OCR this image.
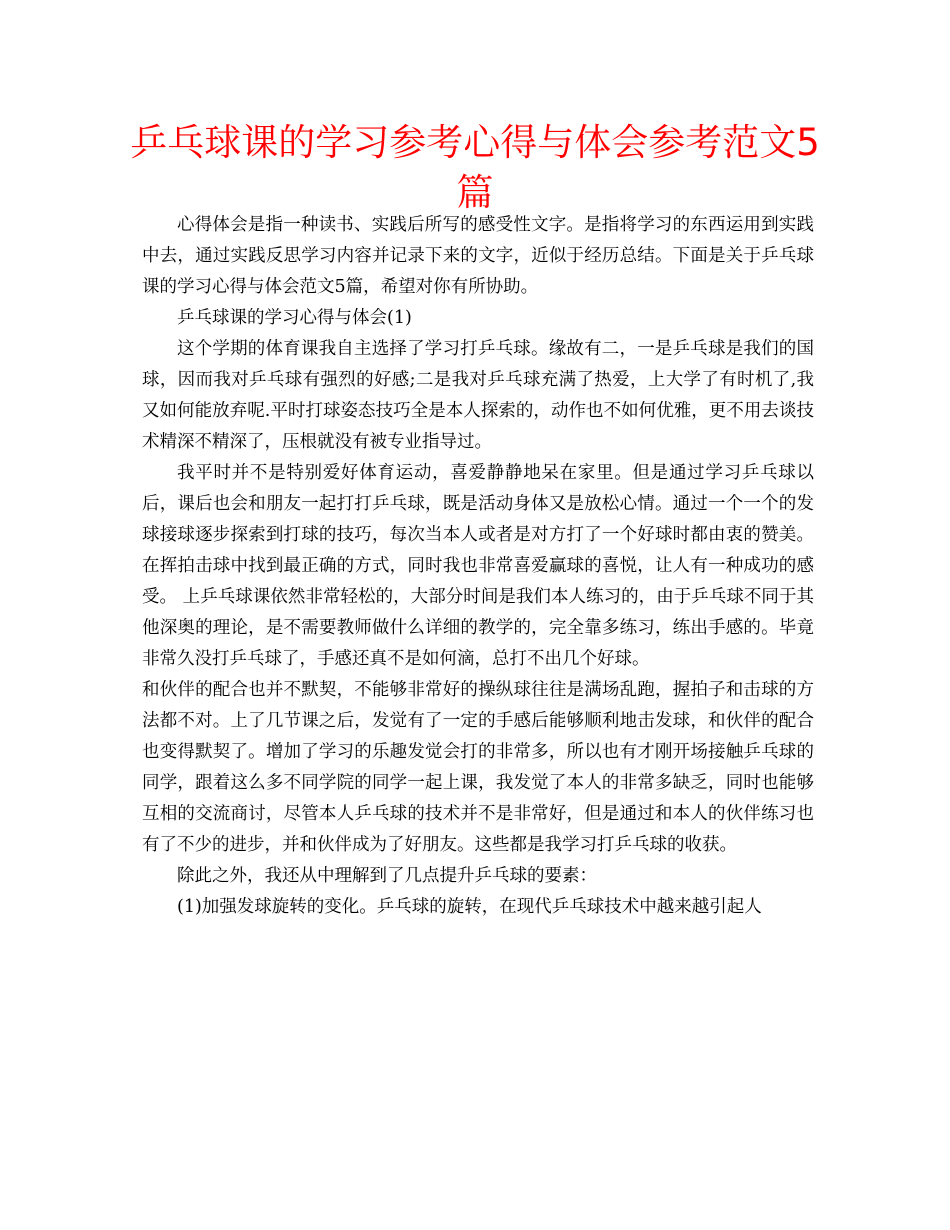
乒乓球课的学习参考心得与体会参考范文5篇

心得体会是指一种读书、实践后所写的感受性文字。是指将学习的东西运用到实践中去，通过实践反思学习内容并记录下来的文字，近似于经历总结。下面是关于乒乓球课的学习心得与体会范文5篇，希望对你有所协助。

乒乓球课的学习心得与体会(1)

这个学期的体育课我自主选择了学习打乒乓球。缘故有二，一是乒乓球是我们的国球，因而我对乒乓球有强烈的好感;二是我对乒乓球充满了热爱，上大学了有时机了,我又如何能放弃呢.平时打球姿态技巧全是本人探索的，动作也不如何优雅，更不用去谈技术精深不精深了，压根就没有被专业指导过。

我平时并不是特别爱好体育运动，喜爱静静地呆在家里。但是通过学习乒乓球以后，课后也会和朋友一起打打乒乓球，既是活动身体又是放松心情。通过一个一个的发球接球逐步探索到打球的技巧，每次当本人或者是对方打了一个好球时都由衷的赞美。在挥拍击球中找到最正确的方式，同时我也非常喜爱赢球的喜悦，让人有一种成功的感受。 上乒乓球课依然非常轻松的，大部分时间是我们本人练习的，由于乒乓球不同于其他深奥的理论，是不需要教师做什么详细的教学的，完全靠多练习，练出手感的。毕竟非常久没打乒乓球了，手感还真不是如何滴，总打不出几个好球。

和伙伴的配合也并不默契，不能够非常好的操纵球往往是满场乱跑，握拍子和击球的方法都不对。上了几节课之后，发觉有了一定的手感后能够顺利地击发球，和伙伴的配合也变得默契了。增加了学习的乐趣发觉会打的非常多，所以也有才刚开场接触乒乓球的同学，跟着这么多不同学院的同学一起上课，我发觉了本人的非常多缺乏，同时也能够互相的交流商讨，尽管本人乒乓球的技术并不是非常好，但是通过和本人的伙伴练习也有了不少的进步，并和伙伴成为了好朋友。这些都是我学习打乒乓球的收获。

除此之外，我还从中理解到了几点提升乒乓球的要素：

(1)加强发球旋转的变化。乒乓球的旋转，在现代乒乓球技术中越来越引起人
